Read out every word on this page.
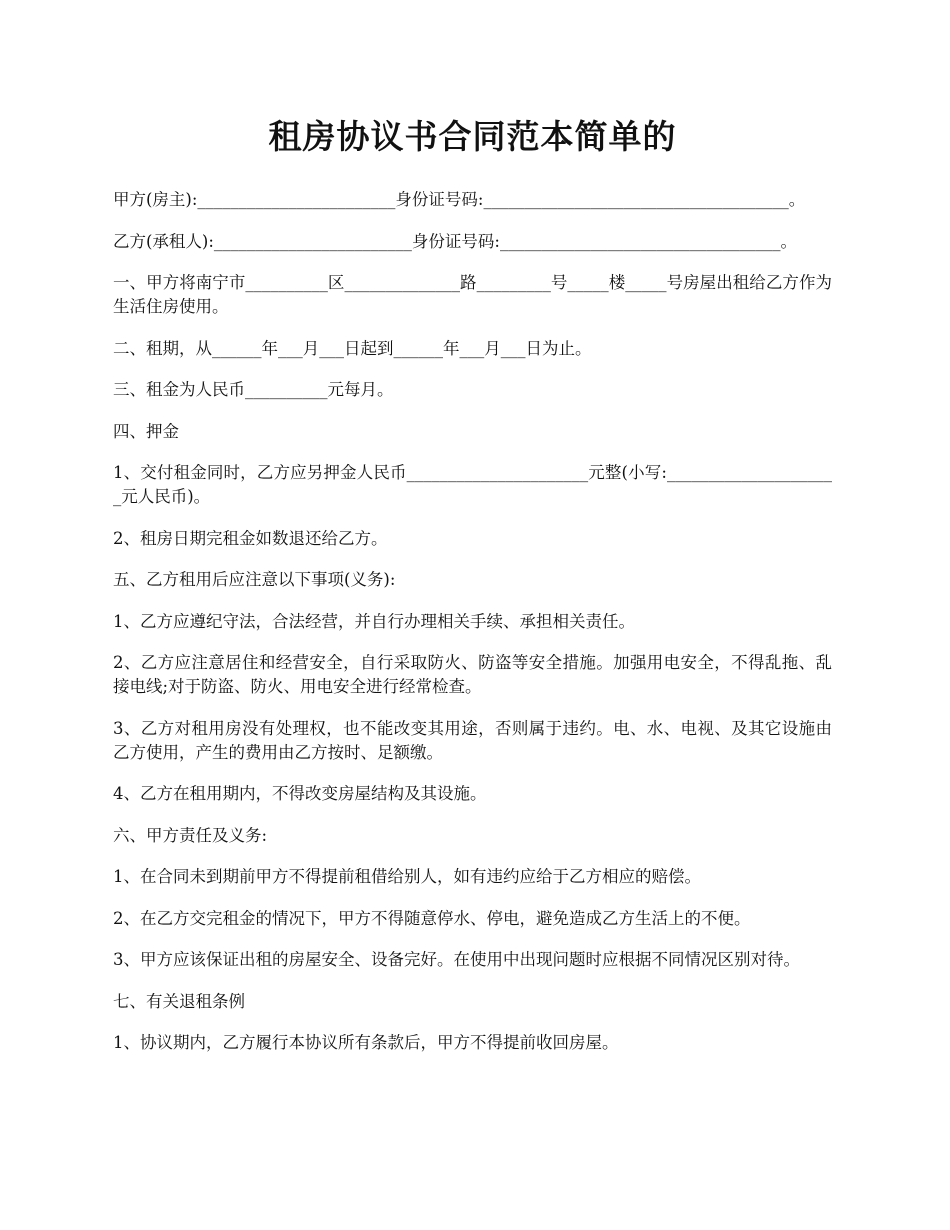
租房协议书合同范本简单的

甲方(房主):________________________身份证号码:_____________________________________。

乙方(承租人):________________________身份证号码:__________________________________。

一、甲方将南宁市__________区______________路_________号_____楼_____号房屋出租给乙方作为生活住房使用。

二、租期，从______年___月___日起到______年___月___日为止。

三、租金为人民币__________元每月。

四、押金

1、交付租金同时，乙方应另押金人民币______________________元整(小写:_____________________元人民币)。

2、租房日期完租金如数退还给乙方。

五、乙方租用后应注意以下事项(义务):

1、乙方应遵纪守法，合法经营，并自行办理相关手续、承担相关责任。

2、乙方应注意居住和经营安全，自行采取防火、防盗等安全措施。加强用电安全，不得乱拖、乱接电线;对于防盗、防火、用电安全进行经常检查。

3、乙方对租用房没有处理权，也不能改变其用途，否则属于违约。电、水、电视、及其它设施由乙方使用，产生的费用由乙方按时、足额缴。

4、乙方在租用期内，不得改变房屋结构及其设施。

六、甲方责任及义务:

1、在合同未到期前甲方不得提前租借给别人，如有违约应给于乙方相应的赔偿。

2、在乙方交完租金的情况下，甲方不得随意停水、停电，避免造成乙方生活上的不便。

3、甲方应该保证出租的房屋安全、设备完好。在使用中出现问题时应根据不同情况区别对待。

七、有关退租条例

1、协议期内，乙方履行本协议所有条款后，甲方不得提前收回房屋。
